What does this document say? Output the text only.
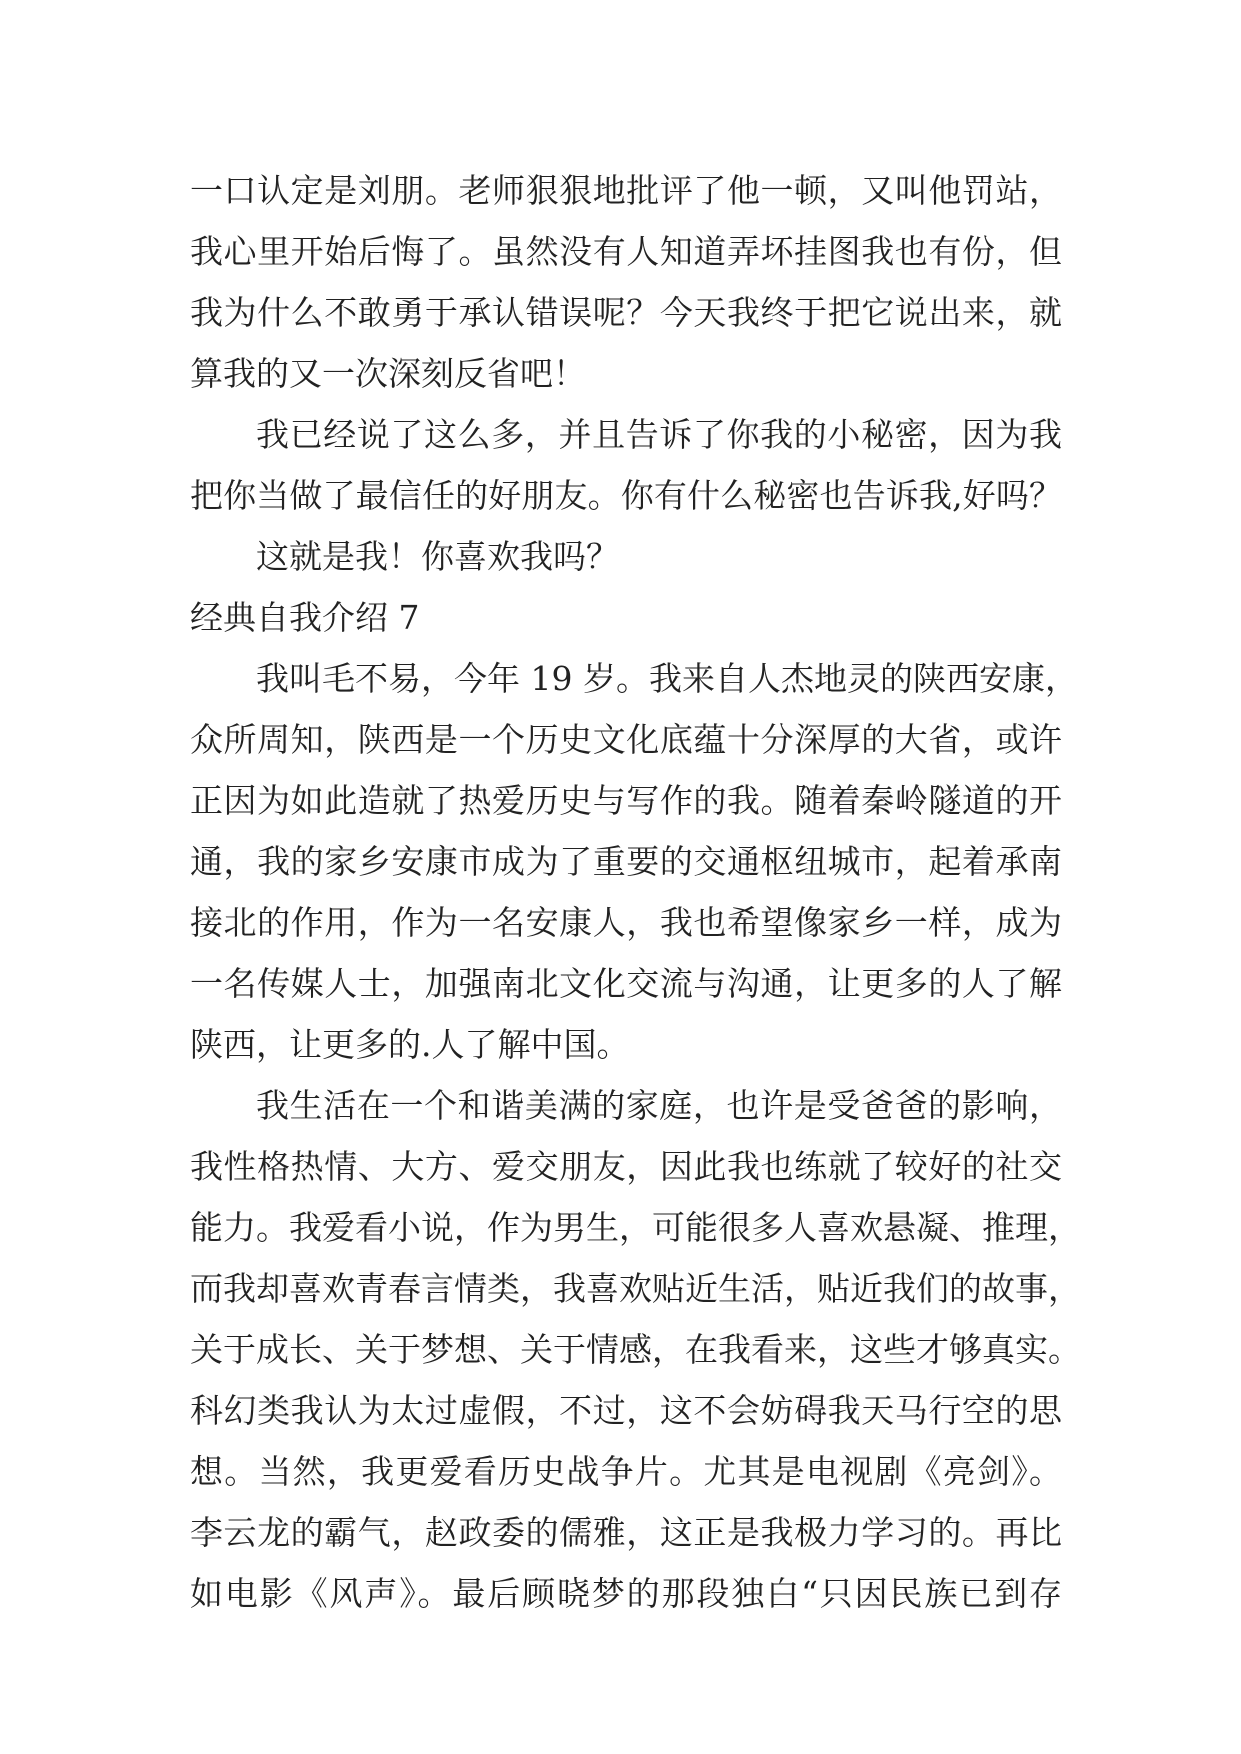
一口认定是刘朋。老师狠狠地批评了他一顿，又叫他罚站，
我心里开始后悔了。虽然没有人知道弄坏挂图我也有份，但
我为什么不敢勇于承认错误呢？今天我终于把它说出来，就
算我的又一次深刻反省吧！
我已经说了这么多，并且告诉了你我的小秘密，因为我
把你当做了最信任的好朋友。你有什么秘密也告诉我,好吗？
这就是我！你喜欢我吗？
经典自我介绍 7
我叫毛不易，今年 19 岁。我来自人杰地灵的陕西安康，
众所周知，陕西是一个历史文化底蕴十分深厚的大省，或许
正因为如此造就了热爱历史与写作的我。随着秦岭隧道的开
通，我的家乡安康市成为了重要的交通枢纽城市，起着承南
接北的作用，作为一名安康人，我也希望像家乡一样，成为
一名传媒人士，加强南北文化交流与沟通，让更多的人了解
陕西，让更多的.人了解中国。
我生活在一个和谐美满的家庭，也许是受爸爸的影响，
我性格热情、大方、爱交朋友，因此我也练就了较好的社交
能力。我爱看小说，作为男生，可能很多人喜欢悬凝、推理，
而我却喜欢青春言情类，我喜欢贴近生活，贴近我们的故事，
关于成长、关于梦想、关于情感，在我看来，这些才够真实。
科幻类我认为太过虚假，不过，这不会妨碍我天马行空的思
想。当然，我更爱看历史战争片。尤其是电视剧《亮剑》。
李云龙的霸气，赵政委的儒雅，这正是我极力学习的。再比
如电影《风声》。最后顾晓梦的那段独白“只因民族已到存
